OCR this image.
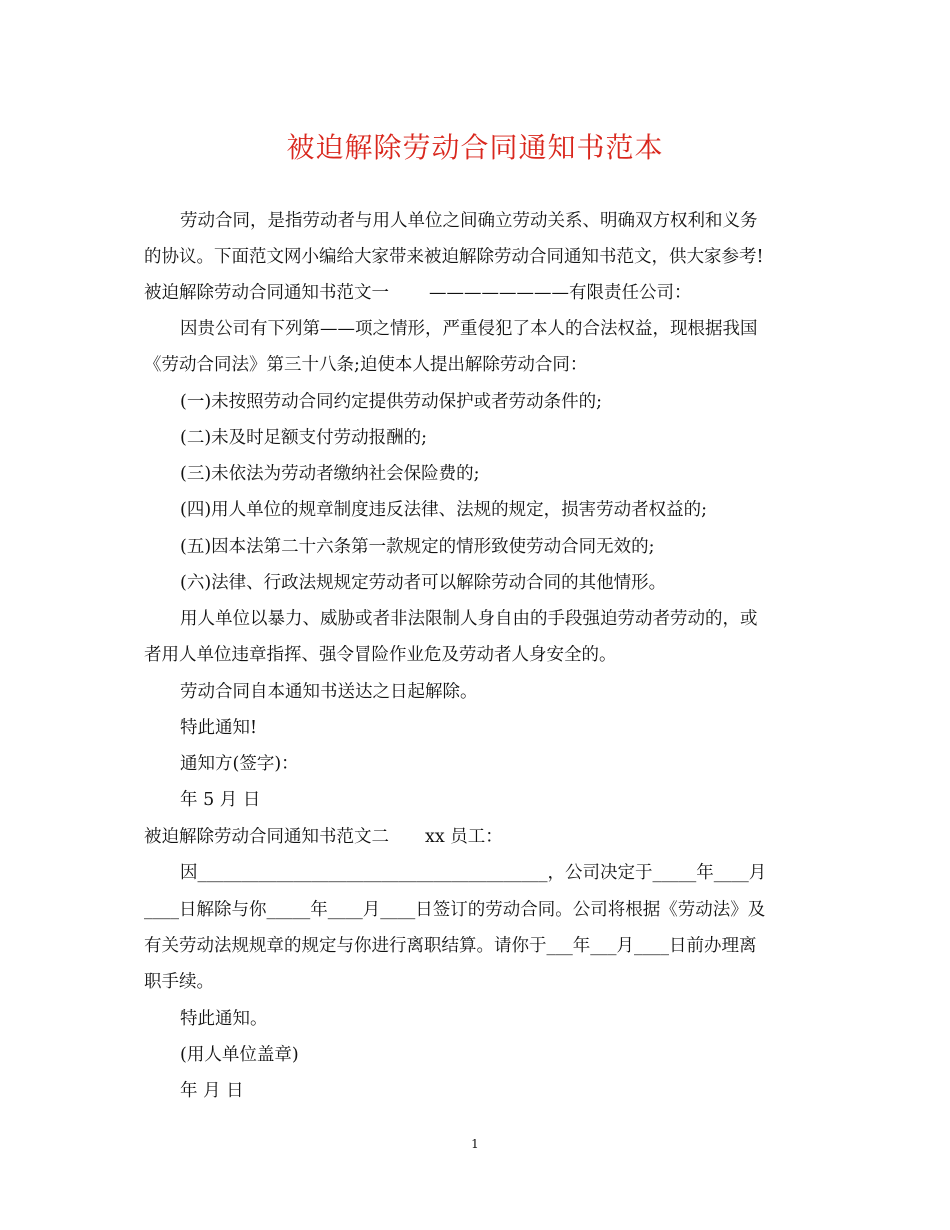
被迫解除劳动合同通知书范本
劳动合同，是指劳动者与用人单位之间确立劳动关系、明确双方权利和义务
的协议。下面范文网小编给大家带来被迫解除劳动合同通知书范文，供大家参考!
被迫解除劳动合同通知书范文一 ————————有限责任公司：
因贵公司有下列第——项之情形，严重侵犯了本人的合法权益，现根据我国
《劳动合同法》第三十八条;迫使本人提出解除劳动合同：
(一)未按照劳动合同约定提供劳动保护或者劳动条件的;
(二)未及时足额支付劳动报酬的;
(三)未依法为劳动者缴纳社会保险费的;
(四)用人单位的规章制度违反法律、法规的规定，损害劳动者权益的;
(五)因本法第二十六条第一款规定的情形致使劳动合同无效的;
(六)法律、行政法规规定劳动者可以解除劳动合同的其他情形。
用人单位以暴力、威胁或者非法限制人身自由的手段强迫劳动者劳动的，或
者用人单位违章指挥、强令冒险作业危及劳动者人身安全的。
劳动合同自本通知书送达之日起解除。
特此通知!
通知方(签字)：
年 5 月 日
被迫解除劳动合同通知书范文二 xx 员工：
因________________________________________，公司决定于_____年____月
____日解除与你_____年____月____日签订的劳动合同。公司将根据《劳动法》及
有关劳动法规规章的规定与你进行离职结算。请你于___年___月____日前办理离
职手续。
特此通知。
(用人单位盖章)
年 月 日
1
